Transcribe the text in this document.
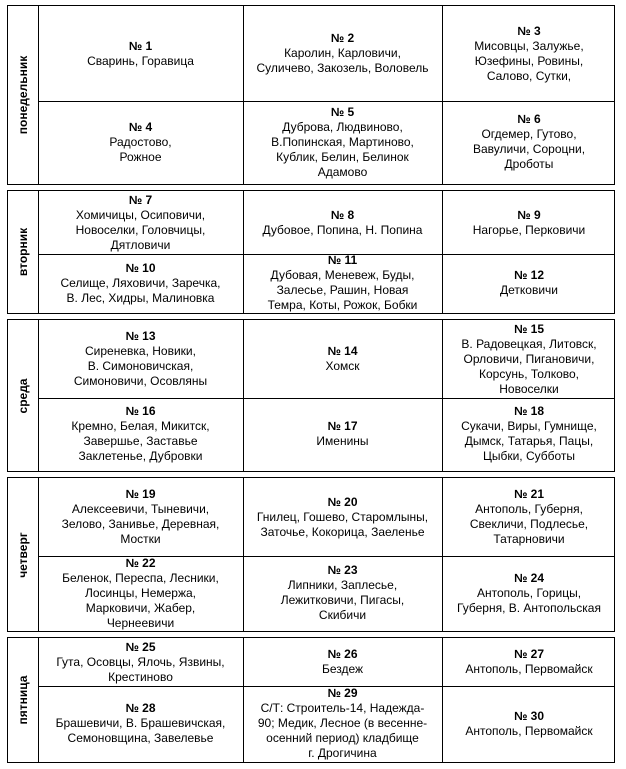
понедельник
№ 1
Сваринь, Горавица
№ 2
Каролин, Карловичи,
Суличево, Закозель, Воловель
№ 3
Мисовцы, Залужье,
Юзефины, Ровины,
Салово, Сутки,
№ 4
Радостово,
Рожное
№ 5
Дуброва, Людвиново,
В.Попинская, Мартиново,
Кублик, Белин, Белинок
Адамово
№ 6
Огдемер, Гутово,
Вавуличи, Сороцни,
Дроботы
вторник
№ 7
Хомичицы, Осиповичи,
Новоселки, Головчицы,
Дятловичи
№ 8
Дубовое, Попина, Н. Попина
№ 9
Нагорье, Перковичи
№ 10
Селище, Ляховичи, Заречка,
В. Лес, Хидры, Малиновка
№ 11
Дубовая, Меневеж, Буды,
Залесье, Рашин, Новая
Темра, Коты, Рожок, Бобки
№ 12
Детковичи
среда
№ 13
Сиреневка, Новики,
В. Симоновичская,
Симоновичи, Осовляны
№ 14
Хомск
№ 15
В. Радовецкая, Литовск,
Орловичи, Пигановичи,
Корсунь, Толково,
Новоселки
№ 16
Кремно, Белая, Микитск,
Завершье, Заставье
Заклетенье, Дубровки
№ 17
Именины
№ 18
Сукачи, Виры, Гумнище,
Дымск, Татарья, Пацы,
Цыбки, Субботы
четверг
№ 19
Алексеевичи, Тыневичи,
Зелово, Занивье, Деревная,
Мостки
№ 20
Гнилец, Гошево, Старомлыны,
Заточье, Кокорица, Заеленье
№ 21
Антополь, Губерня,
Свекличи, Подлесье,
Татарновичи
№ 22
Беленок, Переспа, Лесники,
Лосинцы, Немержа,
Марковичи, Жабер,
Чернеевичи
№ 23
Липники, Заплесье,
Лежитковичи, Пигасы,
Скибичи
№ 24
Антополь, Горицы,
Губерня, В. Антопольская
пятница
№ 25
Гута, Осовцы, Ялочь, Язвины,
Крестиново
№ 26
Бездеж
№ 27
Антополь, Первомайск
№ 28
Брашевичи, В. Брашевичская,
Семоновщина, Завелевье
№ 29
С/Т: Строитель-14, Надежда-
90; Медик, Лесное (в весенне-
осенний период) кладбище
г. Дрогичина
№ 30
Антополь, Первомайск
